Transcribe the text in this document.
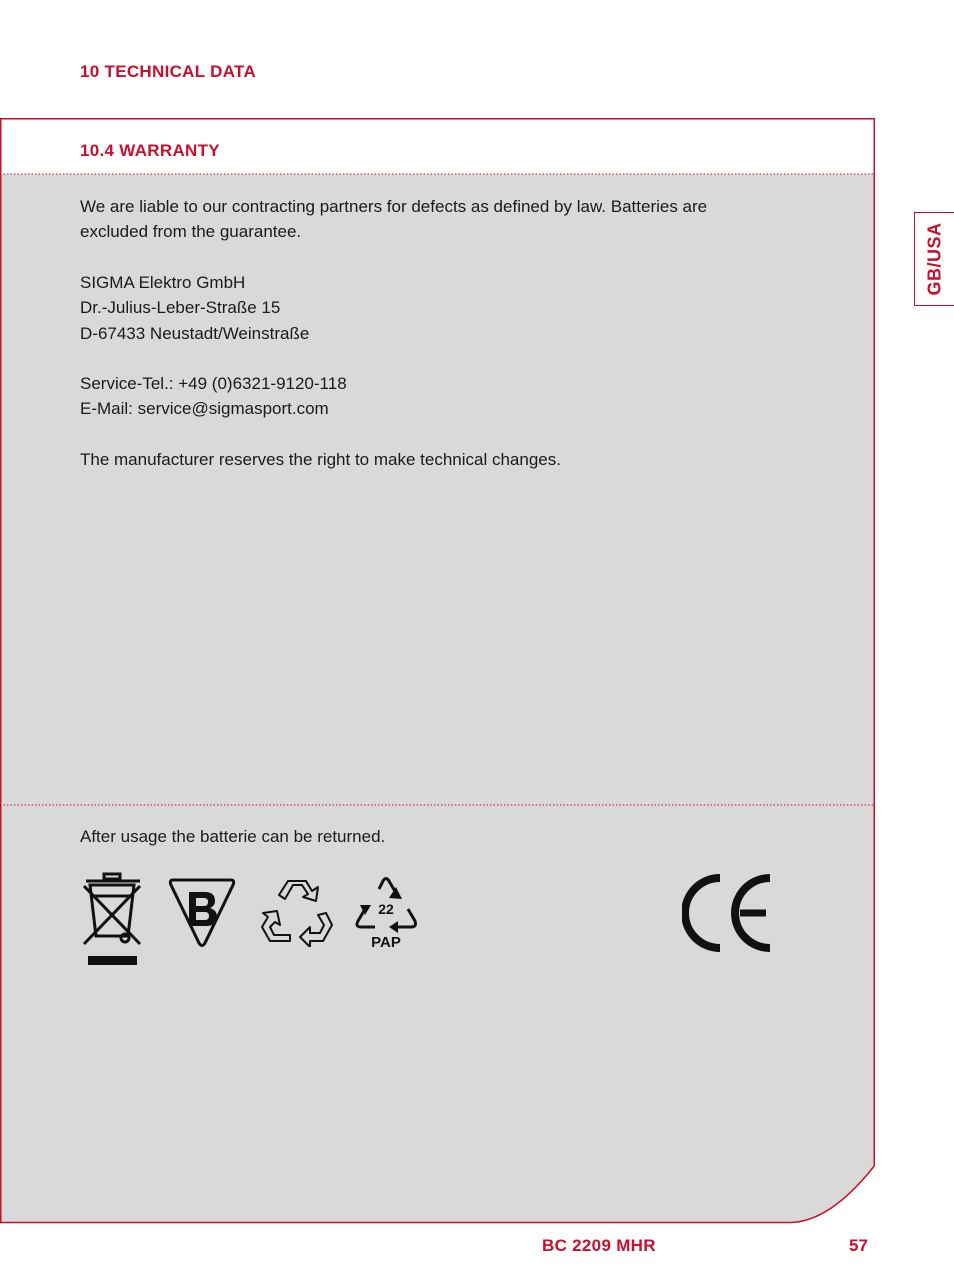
10 TECHNICAL DATA
10.4 WARRANTY
We are liable to our contracting partners for defects as defined by law. Batteries are
excluded from the guarantee.
SIGMA Elektro GmbH
Dr.-Julius-Leber-Straße 15
D-67433 Neustadt/Weinstraße
Service-Tel.: +49 (0)6321-9120-118
E-Mail: service@sigmasport.com
The manufacturer reserves the right to make technical changes.
After usage the batterie can be returned.
22
PAP
GB/USA
BC 2209 MHR	57
